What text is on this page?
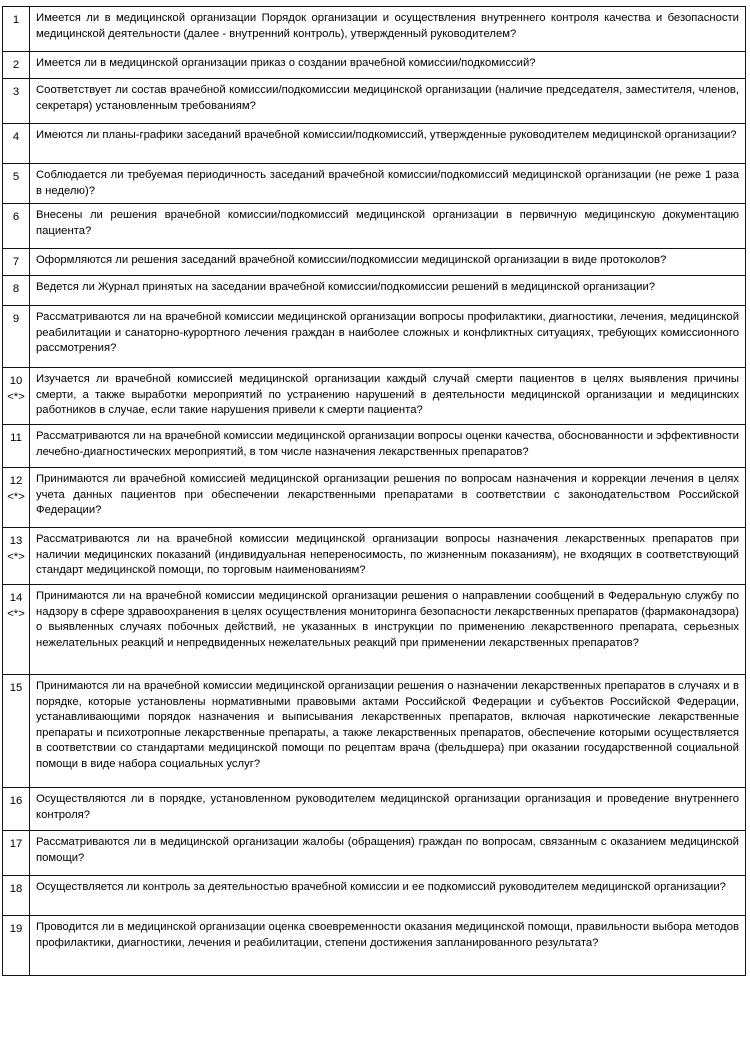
1	Имеется ли в медицинской организации Порядок организации и осуществления внутреннего контроля качества и безопасности медицинской деятельности (далее - внутренний контроль), утвержденный руководителем?

2	Имеется ли в медицинской организации приказ о создании врачебной комиссии/подкомиссий?

3	Соответствует ли состав врачебной комиссии/подкомиссии медицинской организации (наличие председателя, заместителя, членов, секретаря) установленным требованиям?

4	Имеются ли планы-графики заседаний врачебной комиссии/подкомиссий, утвержденные руководителем медицинской организации?

5	Соблюдается ли требуемая периодичность заседаний врачебной комиссии/подкомиссий медицинской организации (не реже 1 раза в неделю)?

6	Внесены ли решения врачебной комиссии/подкомиссий медицинской организации в первичную медицинскую документацию пациента?

7	Оформляются ли решения заседаний врачебной комиссии/подкомиссии медицинской организации в виде протоколов?

8	Ведется ли Журнал принятых на заседании врачебной комиссии/подкомиссии решений в медицинской организации?

9	Рассматриваются ли на врачебной комиссии медицинской организации вопросы профилактики, диагностики, лечения, медицинской реабилитации и санаторно-курортного лечения граждан в наиболее сложных и конфликтных ситуациях, требующих комиссионного рассмотрения?

10
<*>	Изучается ли врачебной комиссией медицинской организации каждый случай смерти пациентов в целях выявления причины смерти, а также выработки мероприятий по устранению нарушений в деятельности медицинской организации и медицинских работников в случае, если такие нарушения привели к смерти пациента?

11	Рассматриваются ли на врачебной комиссии медицинской организации вопросы оценки качества, обоснованности и эффективности лечебно-диагностических мероприятий, в том числе назначения лекарственных препаратов?

12
<*>	Принимаются ли врачебной комиссией медицинской организации решения по вопросам назначения и коррекции лечения в целях учета данных пациентов при обеспечении лекарственными препаратами в соответствии с законодательством Российской Федерации?

13
<*>	Рассматриваются ли на врачебной комиссии медицинской организации вопросы назначения лекарственных препаратов при наличии медицинских показаний (индивидуальная непереносимость, по жизненным показаниям), не входящих в соответствующий стандарт медицинской помощи, по торговым наименованиям?

14
<*>	Принимаются ли на врачебной комиссии медицинской организации решения о направлении сообщений в Федеральную службу по надзору в сфере здравоохранения в целях осуществления мониторинга безопасности лекарственных препаратов (фармаконадзора) о выявленных случаях побочных действий, не указанных в инструкции по применению лекарственного препарата, серьезных нежелательных реакций и непредвиденных нежелательных реакций при применении лекарственных препаратов?

15	Принимаются ли на врачебной комиссии медицинской организации решения о назначении лекарственных препаратов в случаях и в порядке, которые установлены нормативными правовыми актами Российской Федерации и субъектов Российской Федерации, устанавливающими порядок назначения и выписывания лекарственных препаратов, включая наркотические лекарственные препараты и психотропные лекарственные препараты, а также лекарственных препаратов, обеспечение которыми осуществляется в соответствии со стандартами медицинской помощи по рецептам врача (фельдшера) при оказании государственной социальной помощи в виде набора социальных услуг?

16	Осуществляются ли в порядке, установленном руководителем медицинской организации организация и проведение внутреннего контроля?

17	Рассматриваются ли в медицинской организации жалобы (обращения) граждан по вопросам, связанным с оказанием медицинской помощи?

18	Осуществляется ли контроль за деятельностью врачебной комиссии и ее подкомиссий руководителем медицинской организации?

19	Проводится ли в медицинской организации оценка своевременности оказания медицинской помощи, правильности выбора методов профилактики, диагностики, лечения и реабилитации, степени достижения запланированного результата?
